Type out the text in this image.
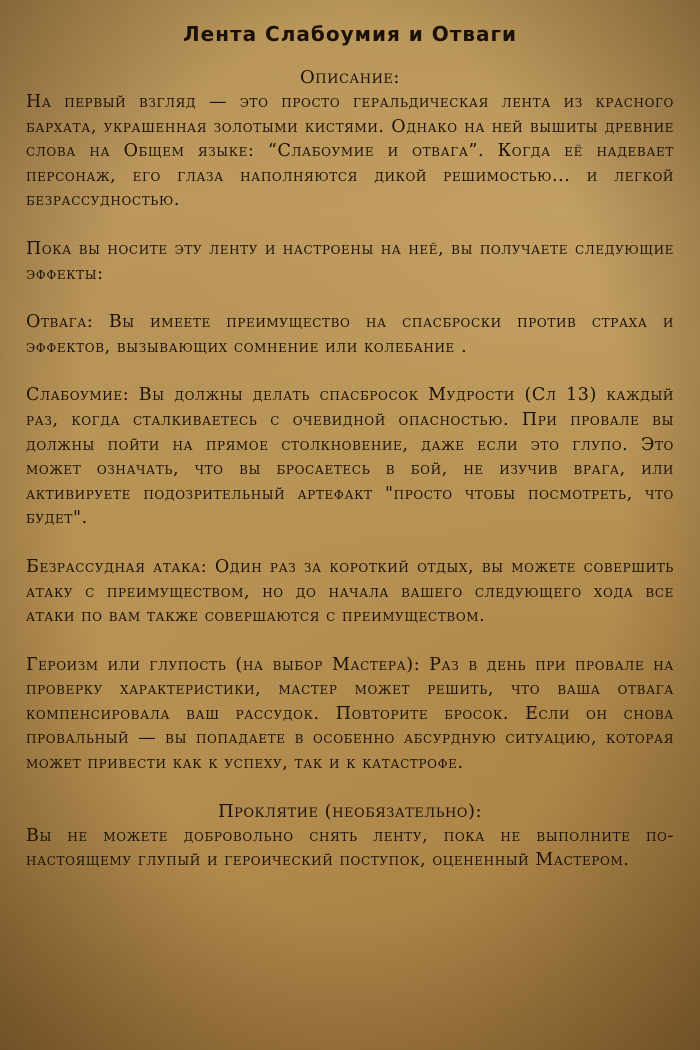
Лента Слабоумия и Отваги
Описание:
На первый взгляд — это просто геральдическая лента из красного бархата, украшенная золотыми кистями. Однако на ней вышиты древние слова на Общем языке: “Слабоумие и отвага”. Когда её надевает персонаж, его глаза наполняются дикой решимостью... и легкой безрассудностью.
Пока вы носите эту ленту и настроены на неё, вы получаете следующие эффекты:
Отвага: Вы имеете преимущество на спасброски против страха и эффектов, вызывающих сомнение или колебание .
Слабоумие: Вы должны делать спасбросок Мудрости (Сл 13) каждый раз, когда сталкиваетесь с очевидной опасностью. При провале вы должны пойти на прямое столкновение, даже если это глупо. Это может означать, что вы бросаетесь в бой, не изучив врага, или активируете подозрительный артефакт "просто чтобы посмотреть, что будет".
Безрассудная атака: Один раз за короткий отдых, вы можете совершить атаку с преимуществом, но до начала вашего следующего хода все атаки по вам также совершаются с преимуществом.
Героизм или глупость (на выбор Мастера): Раз в день при провале на проверку характеристики, мастер может решить, что ваша отвага компенсировала ваш рассудок. Повторите бросок. Если он снова провальный — вы попадаете в особенно абсурдную ситуацию, которая может привести как к успеху, так и к катастрофе.
Проклятие (необязательно):
Вы не можете добровольно снять ленту, пока не выполните по-настоящему глупый и героический поступок, оцененный Мастером.
